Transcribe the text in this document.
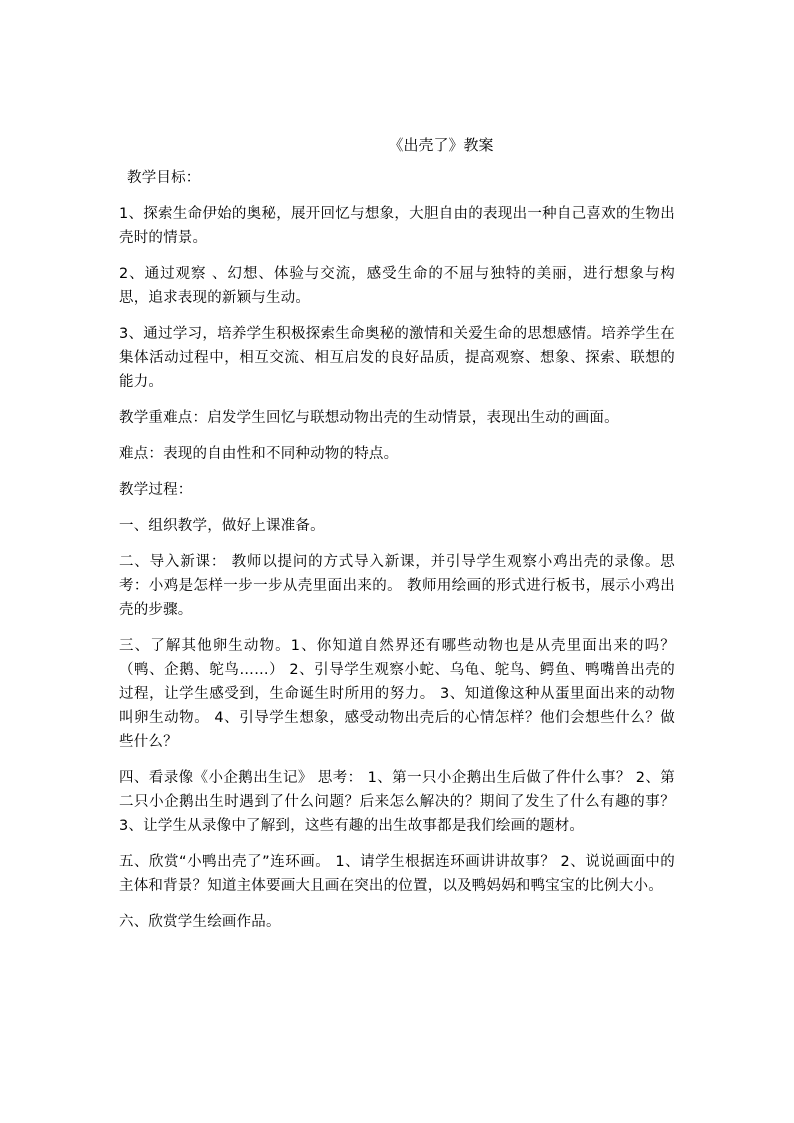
《出壳了》教案

教学目标：

1、探索生命伊始的奥秘，展开回忆与想象，大胆自由的表现出一种自己喜欢的生物出壳时的情景。

2、通过观察 、幻想、体验与交流，感受生命的不屈与独特的美丽，进行想象与构思，追求表现的新颖与生动。

3、通过学习，培养学生积极探索生命奥秘的激情和关爱生命的思想感情。培养学生在集体活动过程中，相互交流、相互启发的良好品质，提高观察、想象、探索、联想的能力。

教学重难点：启发学生回忆与联想动物出壳的生动情景，表现出生动的画面。

难点：表现的自由性和不同种动物的特点。

教学过程：

一、组织教学，做好上课准备。

二、导入新课： 教师以提问的方式导入新课，并引导学生观察小鸡出壳的录像。思考：小鸡是怎样一步一步从壳里面出来的。 教师用绘画的形式进行板书，展示小鸡出壳的步骤。

三、了解其他卵生动物。1、你知道自然界还有哪些动物也是从壳里面出来的吗？（鸭、企鹅、鸵鸟……） 2、引导学生观察小蛇、乌龟、鸵鸟、鳄鱼、鸭嘴兽出壳的过程，让学生感受到，生命诞生时所用的努力。 3、知道像这种从蛋里面出来的动物叫卵生动物。 4、引导学生想象，感受动物出壳后的心情怎样？他们会想些什么？做些什么？

四、看录像《小企鹅出生记》 思考： 1、第一只小企鹅出生后做了件什么事？ 2、第二只小企鹅出生时遇到了什么问题？后来怎么解决的？期间了发生了什么有趣的事？ 3、让学生从录像中了解到，这些有趣的出生故事都是我们绘画的题材。

五、欣赏“小鸭出壳了”连环画。 1、请学生根据连环画讲讲故事？ 2、说说画面中的主体和背景？知道主体要画大且画在突出的位置，以及鸭妈妈和鸭宝宝的比例大小。

六、欣赏学生绘画作品。
